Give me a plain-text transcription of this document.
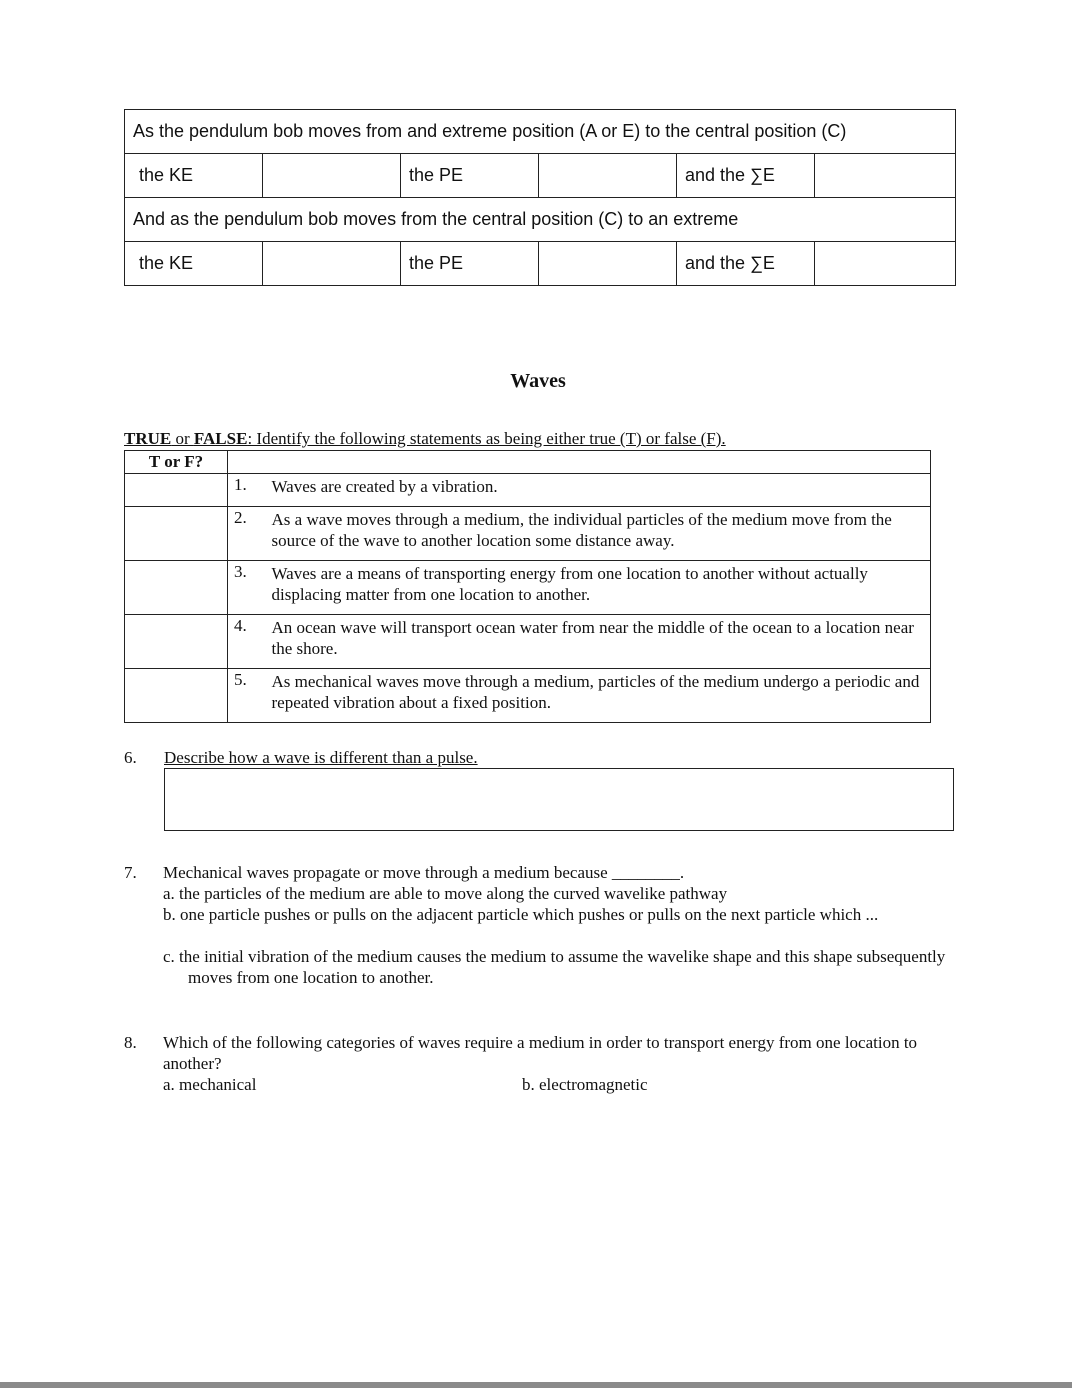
As the pendulum bob moves from and extreme position (A or E) to the central position (C)					
the KE		the PE		and the ∑E	
And as the pendulum bob moves from the central position (C) to an extreme					
the KE		the PE		and the ∑E	
Waves
TRUE or FALSE: Identify the following statements as being either true (T) or false (F).
T or F?		
	1.	Waves are created by a vibration.
	2.	As a wave moves through a medium, the individual particles of the medium move from the source of the wave to another location some distance away.
	3.	Waves are a means of transporting energy from one location to another without actually displacing matter from one location to another.
	4.	An ocean wave will transport ocean water from near the middle of the ocean to a location near the shore.
	5.	As mechanical waves move through a medium, particles of the medium undergo a periodic and repeated vibration about a fixed position.
6. Describe how a wave is different than a pulse.
7. Mechanical waves propagate or move through a medium because ________.
a. the particles of the medium are able to move along the curved wavelike pathway
b. one particle pushes or pulls on the adjacent particle which pushes or pulls on the next particle which ...
c. the initial vibration of the medium causes the medium to assume the wavelike shape and this shape subsequently moves from one location to another.
8. Which of the following categories of waves require a medium in order to transport energy from one location to another?
a. mechanical	b. electromagnetic
